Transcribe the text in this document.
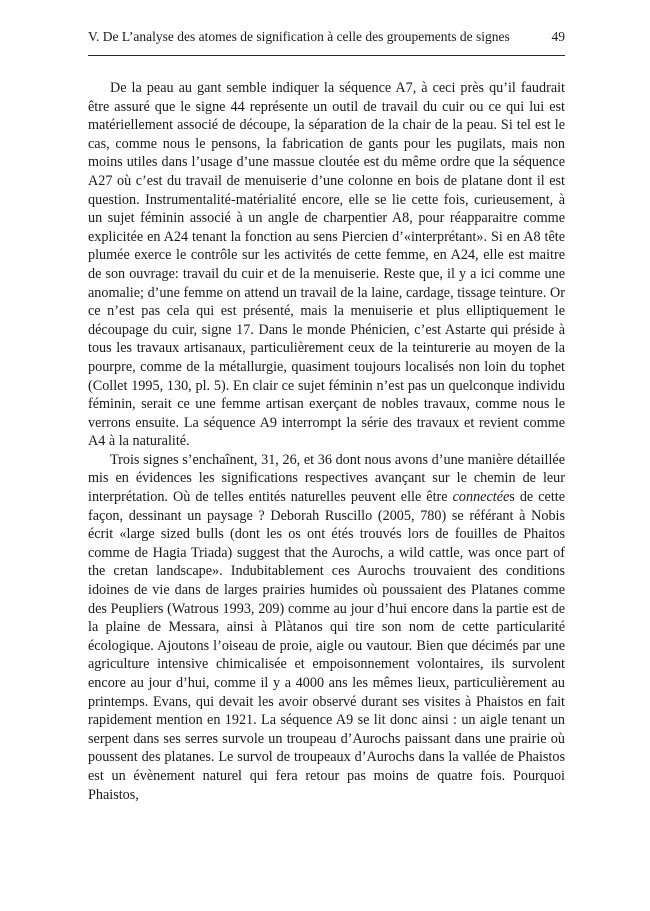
V. De L’analyse des atomes de signification à celle des groupements de signes	49

De la peau au gant semble indiquer la séquence A7, à ceci près qu’il faudrait être assuré que le signe 44 représente un outil de travail du cuir ou ce qui lui est matériellement associé de découpe, la séparation de la chair de la peau. Si tel est le cas, comme nous le pensons, la fabrication de gants pour les pugilats, mais non moins utiles dans l’usage d’une massue cloutée est du même ordre que la séquence A27 où c’est du travail de menuiserie d’une colonne en bois de platane dont il est question. Instrumentalité-matérialité encore, elle se lie cette fois, curieusement, à un sujet féminin associé à un angle de charpentier A8, pour réapparaitre comme explicitée en A24 tenant la fonction au sens Piercien d’«interprétant». Si en A8 tête plumée exerce le contrôle sur les activités de cette femme, en A24, elle est maitre de son ouvrage: travail du cuir et de la menuiserie. Reste que, il y a ici comme une anomalie; d’une femme on attend un travail de la laine, cardage, tissage teinture. Or ce n’est pas cela qui est présenté, mais la menuiserie et plus elliptiquement le découpage du cuir, signe 17. Dans le monde Phénicien, c’est Astarte qui préside à tous les travaux artisanaux, particulièrement ceux de la teinturerie au moyen de la pourpre, comme de la métallurgie, quasiment toujours localisés non loin du tophet (Collet 1995, 130, pl. 5). En clair ce sujet féminin n’est pas un quelconque individu féminin, serait ce une femme artisan exerçant de nobles travaux, comme nous le verrons ensuite. La séquence A9 interrompt la série des travaux et revient comme A4 à la naturalité.

Trois signes s’enchaînent, 31, 26, et 36 dont nous avons d’une manière détaillée mis en évidences les significations respectives avançant sur le chemin de leur interprétation. Où de telles entités naturelles peuvent elle être connectées de cette façon, dessinant un paysage ? Deborah Ruscillo (2005, 780) se référant à Nobis écrit «large sized bulls (dont les os ont étés trouvés lors de fouilles de Phaitos comme de Hagia Triada) suggest that the Aurochs, a wild cattle, was once part of the cretan landscape». Indubitablement ces Aurochs trouvaient des conditions idoines de vie dans de larges prairies humides où poussaient des Platanes comme des Peupliers (Watrous 1993, 209) comme au jour d’hui encore dans la partie est de la plaine de Messara, ainsi à Plàtanos qui tire son nom de cette particularité écologique. Ajoutons l’oiseau de proie, aigle ou vautour. Bien que décimés par une agriculture intensive chimicalisée et empoisonnement volontaires, ils survolent encore au jour d’hui, comme il y a 4000 ans les mêmes lieux, particulièrement au printemps. Evans, qui devait les avoir observé durant ses visites à Phaistos en fait rapidement mention en 1921. La séquence A9 se lit donc ainsi : un aigle tenant un serpent dans ses serres survole un troupeau d’Aurochs paissant dans une prairie où poussent des platanes. Le survol de troupeaux d’Aurochs dans la vallée de Phaistos est un évènement naturel qui fera retour pas moins de quatre fois. Pourquoi Phaistos,
